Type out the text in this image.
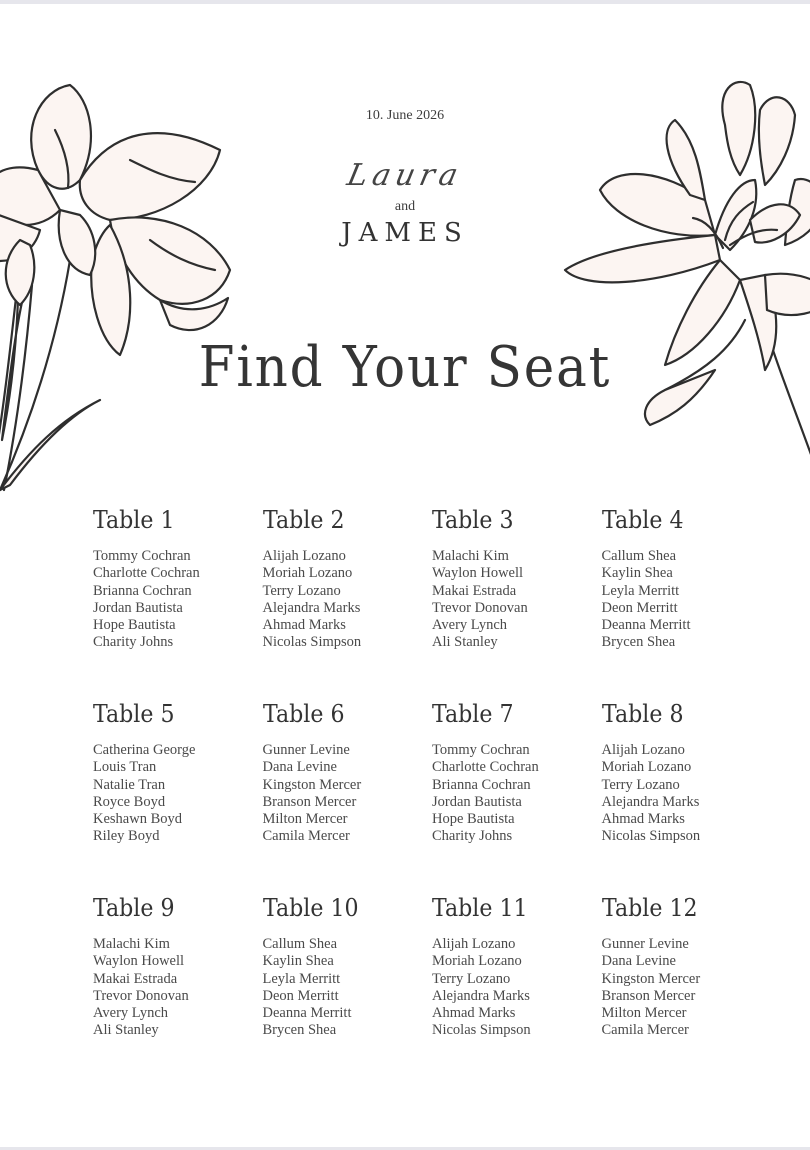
10. June 2026
Laura
and
JAMES
Find Your Seat
Table 1
Tommy Cochran
Charlotte Cochran
Brianna Cochran
Jordan Bautista
Hope Bautista
Charity Johns
Table 2
Alijah Lozano
Moriah Lozano
Terry Lozano
Alejandra Marks
Ahmad Marks
Nicolas Simpson
Table 3
Malachi Kim
Waylon Howell
Makai Estrada
Trevor Donovan
Avery Lynch
Ali Stanley
Table 4
Callum Shea
Kaylin Shea
Leyla Merritt
Deon Merritt
Deanna Merritt
Brycen Shea
Table 5
Catherina George
Louis Tran
Natalie Tran
Royce Boyd
Keshawn Boyd
Riley Boyd
Table 6
Gunner Levine
Dana Levine
Kingston Mercer
Branson Mercer
Milton Mercer
Camila Mercer
Table 7
Tommy Cochran
Charlotte Cochran
Brianna Cochran
Jordan Bautista
Hope Bautista
Charity Johns
Table 8
Alijah Lozano
Moriah Lozano
Terry Lozano
Alejandra Marks
Ahmad Marks
Nicolas Simpson
Table 9
Malachi Kim
Waylon Howell
Makai Estrada
Trevor Donovan
Avery Lynch
Ali Stanley
Table 10
Callum Shea
Kaylin Shea
Leyla Merritt
Deon Merritt
Deanna Merritt
Brycen Shea
Table 11
Alijah Lozano
Moriah Lozano
Terry Lozano
Alejandra Marks
Ahmad Marks
Nicolas Simpson
Table 12
Gunner Levine
Dana Levine
Kingston Mercer
Branson Mercer
Milton Mercer
Camila Mercer
